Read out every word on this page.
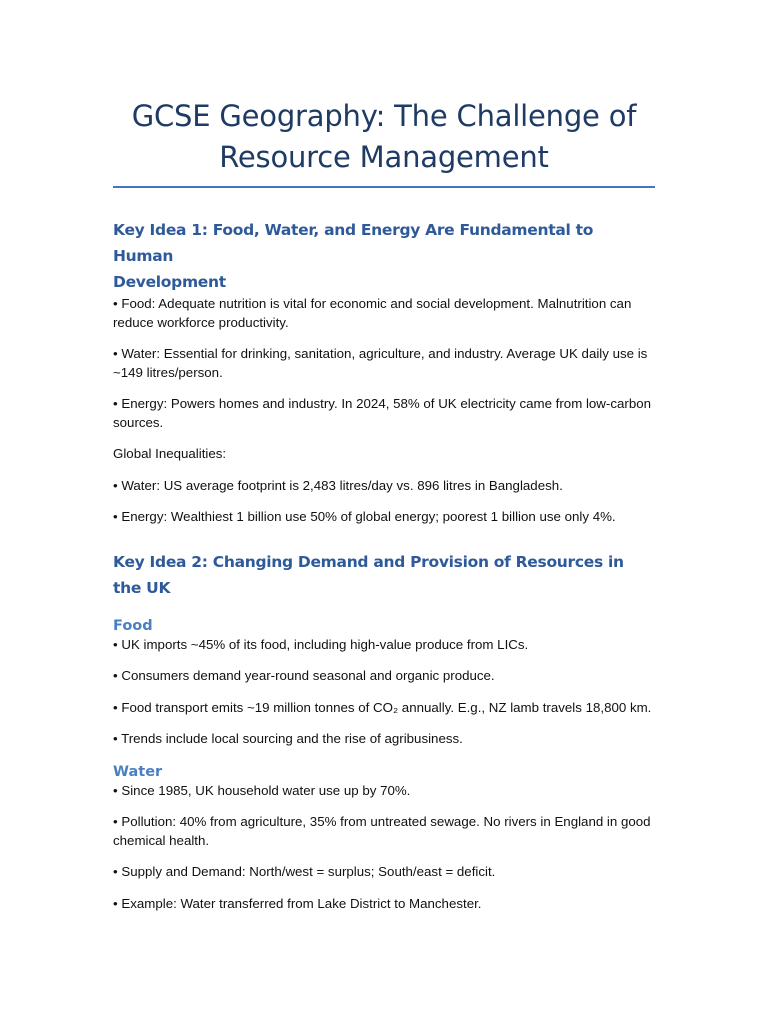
GCSE Geography: The Challenge of
Resource Management
Key Idea 1: Food, Water, and Energy Are Fundamental to Human
Development

• Food: Adequate nutrition is vital for economic and social development. Malnutrition can reduce workforce productivity.

• Water: Essential for drinking, sanitation, agriculture, and industry. Average UK daily use is ~149 litres/person.

• Energy: Powers homes and industry. In 2024, 58% of UK electricity came from low-carbon sources.

Global Inequalities:

• Water: US average footprint is 2,483 litres/day vs. 896 litres in Bangladesh.

• Energy: Wealthiest 1 billion use 50% of global energy; poorest 1 billion use only 4%.

Key Idea 2: Changing Demand and Provision of Resources in the UK
Food

• UK imports ~45% of its food, including high-value produce from LICs.

• Consumers demand year-round seasonal and organic produce.

• Food transport emits ~19 million tonnes of CO₂ annually. E.g., NZ lamb travels 18,800 km.

• Trends include local sourcing and the rise of agribusiness.

Water

• Since 1985, UK household water use up by 70%.

• Pollution: 40% from agriculture, 35% from untreated sewage. No rivers in England in good chemical health.

• Supply and Demand: North/west = surplus; South/east = deficit.

• Example: Water transferred from Lake District to Manchester.
